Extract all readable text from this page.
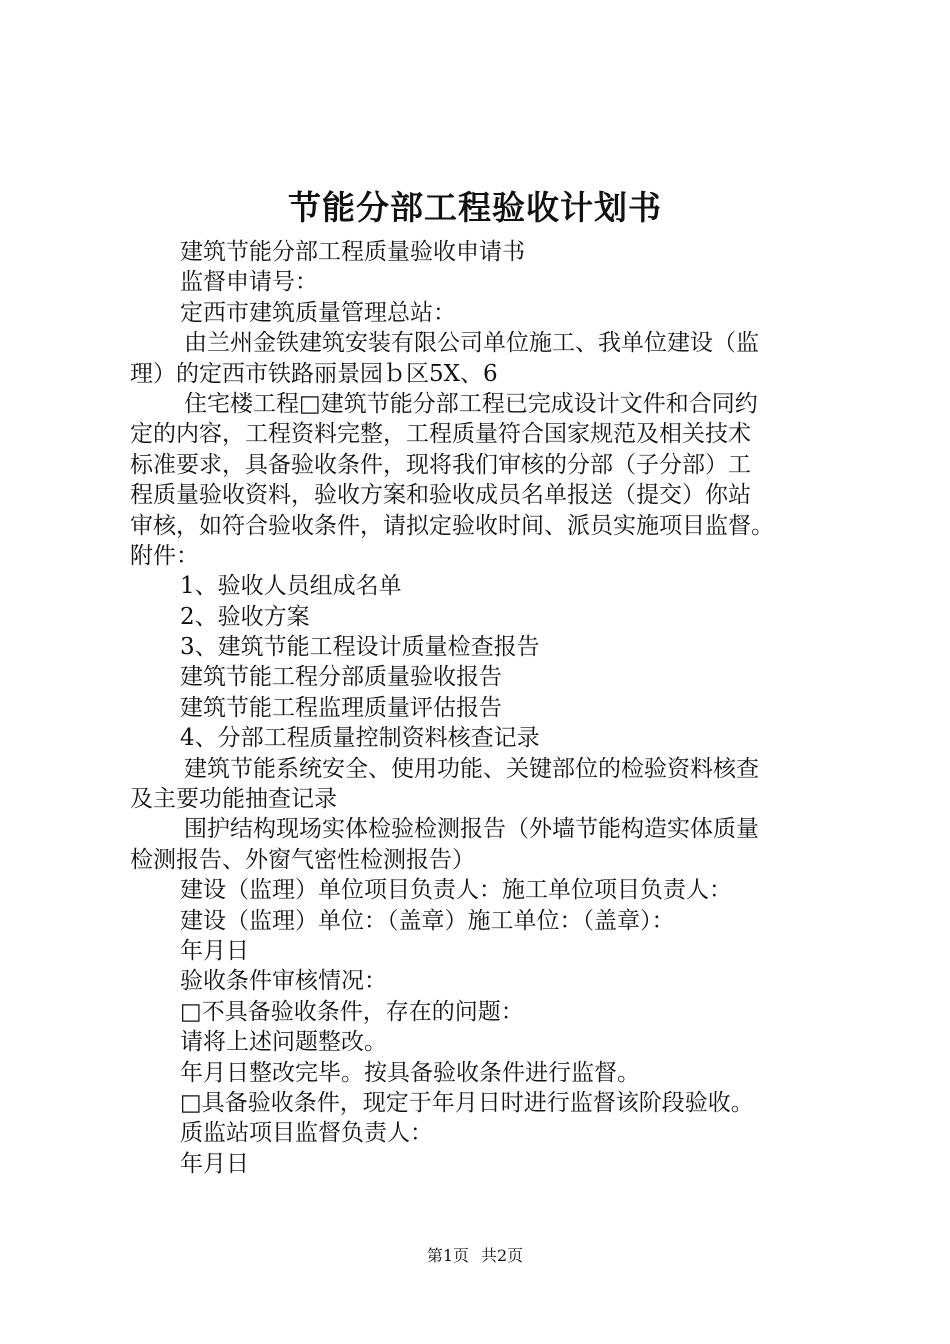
节能分部工程验收计划书
建筑节能分部工程质量验收申请书
监督申请号：
定西市建筑质量管理总站：
由兰州金铁建筑安装有限公司单位施工、我单位建设（监
理）的定西市铁路丽景园ｂ区5X、6
住宅楼工程□建筑节能分部工程已完成设计文件和合同约
定的内容，工程资料完整，工程质量符合国家规范及相关技术
标准要求，具备验收条件，现将我们审核的分部（子分部）工
程质量验收资料，验收方案和验收成员名单报送（提交）你站
审核，如符合验收条件，请拟定验收时间、派员实施项目监督。
附件：
1、验收人员组成名单
2、验收方案
3、建筑节能工程设计质量检查报告
建筑节能工程分部质量验收报告
建筑节能工程监理质量评估报告
4、分部工程质量控制资料核查记录
建筑节能系统安全、使用功能、关键部位的检验资料核查
及主要功能抽查记录
围护结构现场实体检验检测报告（外墙节能构造实体质量
检测报告、外窗气密性检测报告）
建设（监理）单位项目负责人：施工单位项目负责人：
建设（监理）单位：（盖章）施工单位：（盖章）：
年月日
验收条件审核情况：
□不具备验收条件，存在的问题：
请将上述问题整改。
年月日整改完毕。按具备验收条件进行监督。
□具备验收条件，现定于年月日时进行监督该阶段验收。
质监站项目监督负责人：
年月日
第1页 共2页
